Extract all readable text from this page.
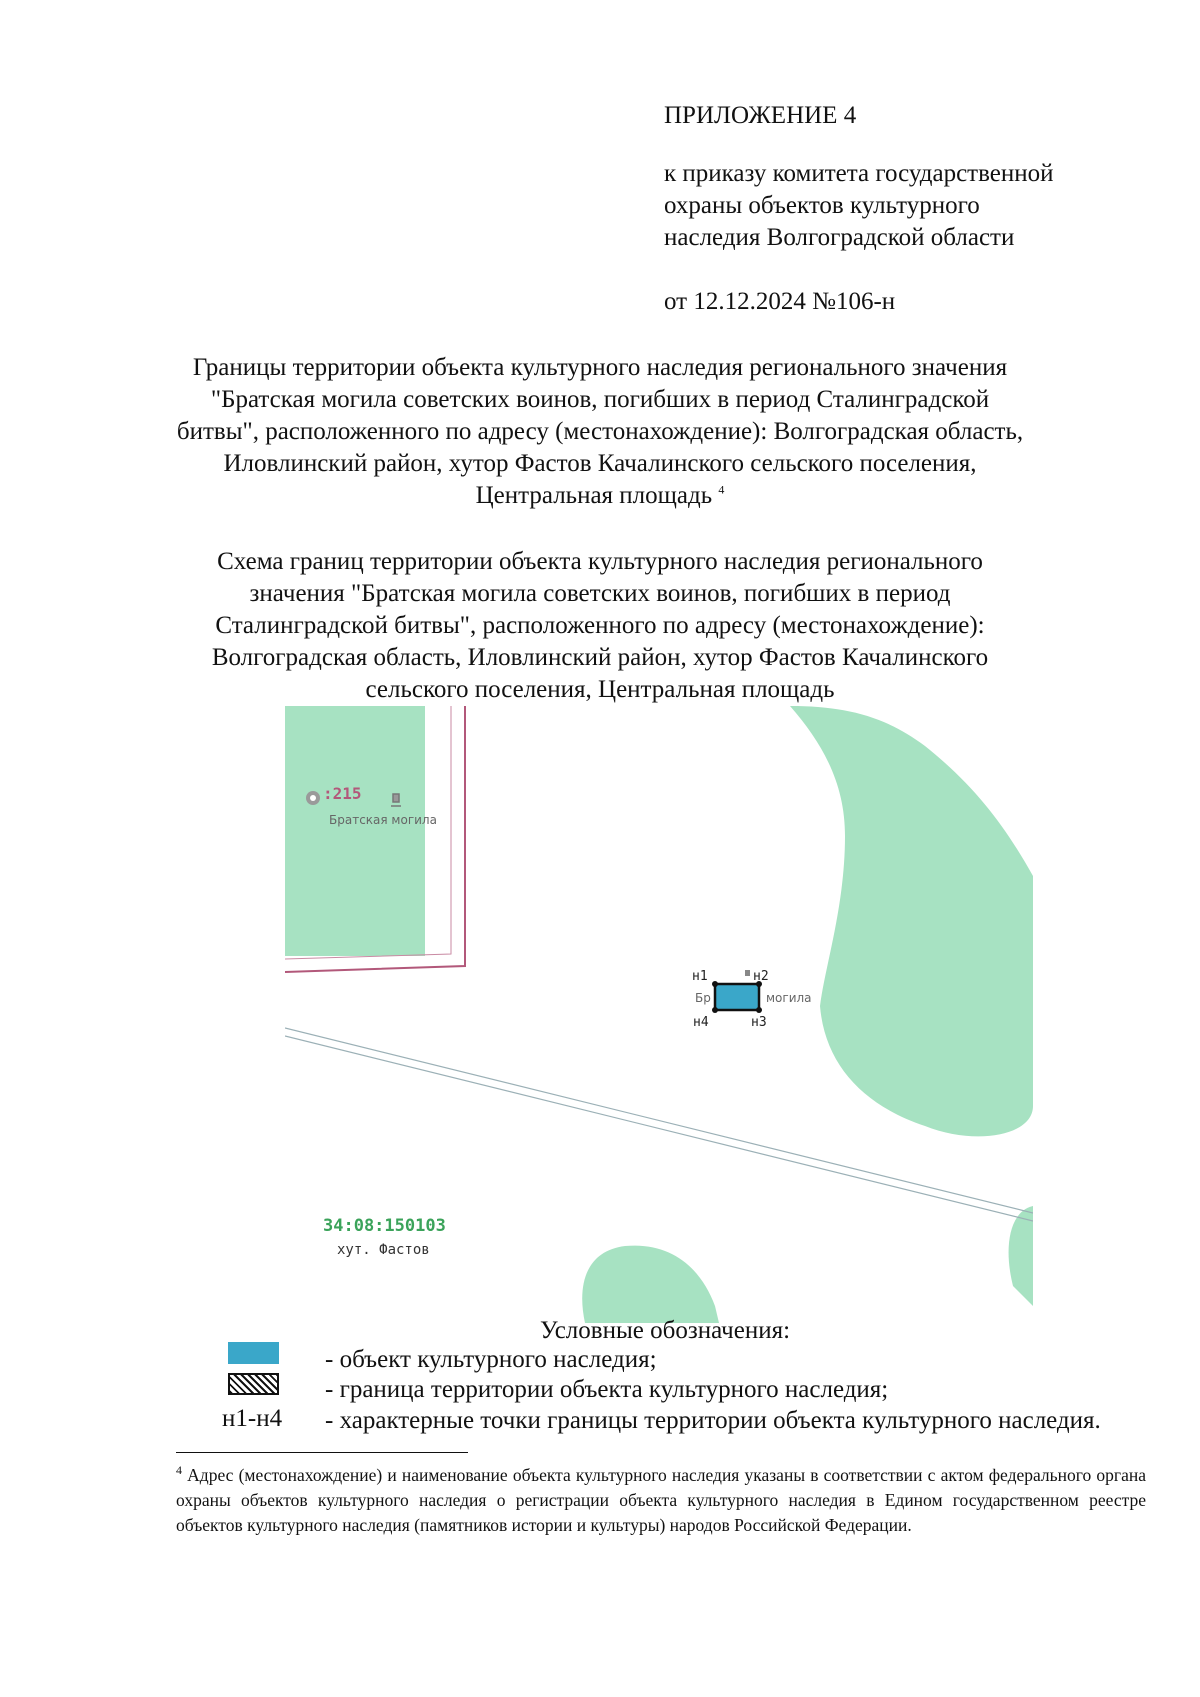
ПРИЛОЖЕНИЕ 4
к приказу комитета государственной
охраны объектов культурного
наследия Волгоградской области
от 12.12.2024 №106-н
Границы территории объекта культурного наследия регионального значения
"Братская могила советских воинов, погибших в период Сталинградской
битвы", расположенного по адресу (местонахождение): Волгоградская область,
Иловлинский район, хутор Фастов Качалинского сельского поселения,
Центральная площадь $^4$
Схема границ территории объекта культурного наследия регионального
значения "Братская могила советских воинов, погибших в период
Сталинградской битвы", расположенного по адресу (местонахождение):
Волгоградская область, Иловлинский район, хутор Фастов Качалинского
сельского поселения, Центральная площадь
:215
Братская могила
н1	н2
н4	н3
Бр	могила
34:08:150103
хут. Фастов
Условные обозначения:
- объект культурного наследия;
- граница территории объекта культурного наследия;
н1-н4 - характерные точки границы территории объекта культурного наследия.
$^4$ Адрес (местонахождение) и наименование объекта культурного наследия указаны в соответствии с актом федерального органа охраны объектов культурного наследия о регистрации объекта культурного наследия в Едином государственном реестре объектов культурного наследия (памятников истории и культуры) народов Российской Федерации.
